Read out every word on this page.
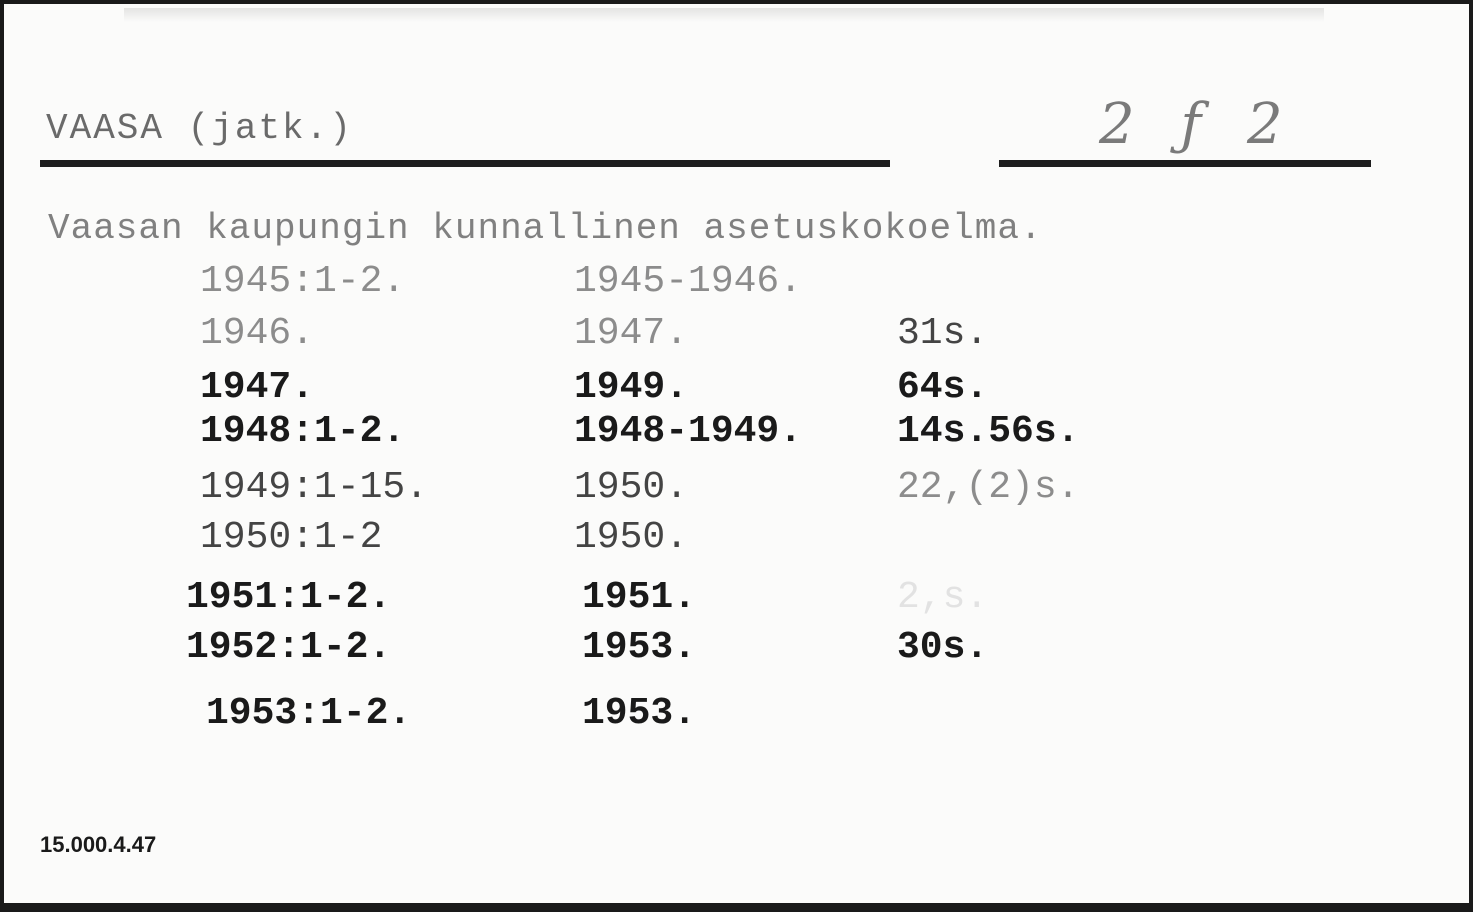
VAASA (jatk.)	2 ƒ 2
Vaasan kaupungin kunnallinen asetuskokoelma.
1945:1-2.	1945-1946.
1946.	1947.	31s.
1947.	1949.	64s.
1948:1-2.	1948-1949. 14s.56s.
1949:1-15.	1950.	22,(2)s.
1950:1-2	1950.
1951:1-2.	1951.	2,s.
1952:1-2.	1953.	30s.
1953:1-2.	1953.
15.000.4.47
